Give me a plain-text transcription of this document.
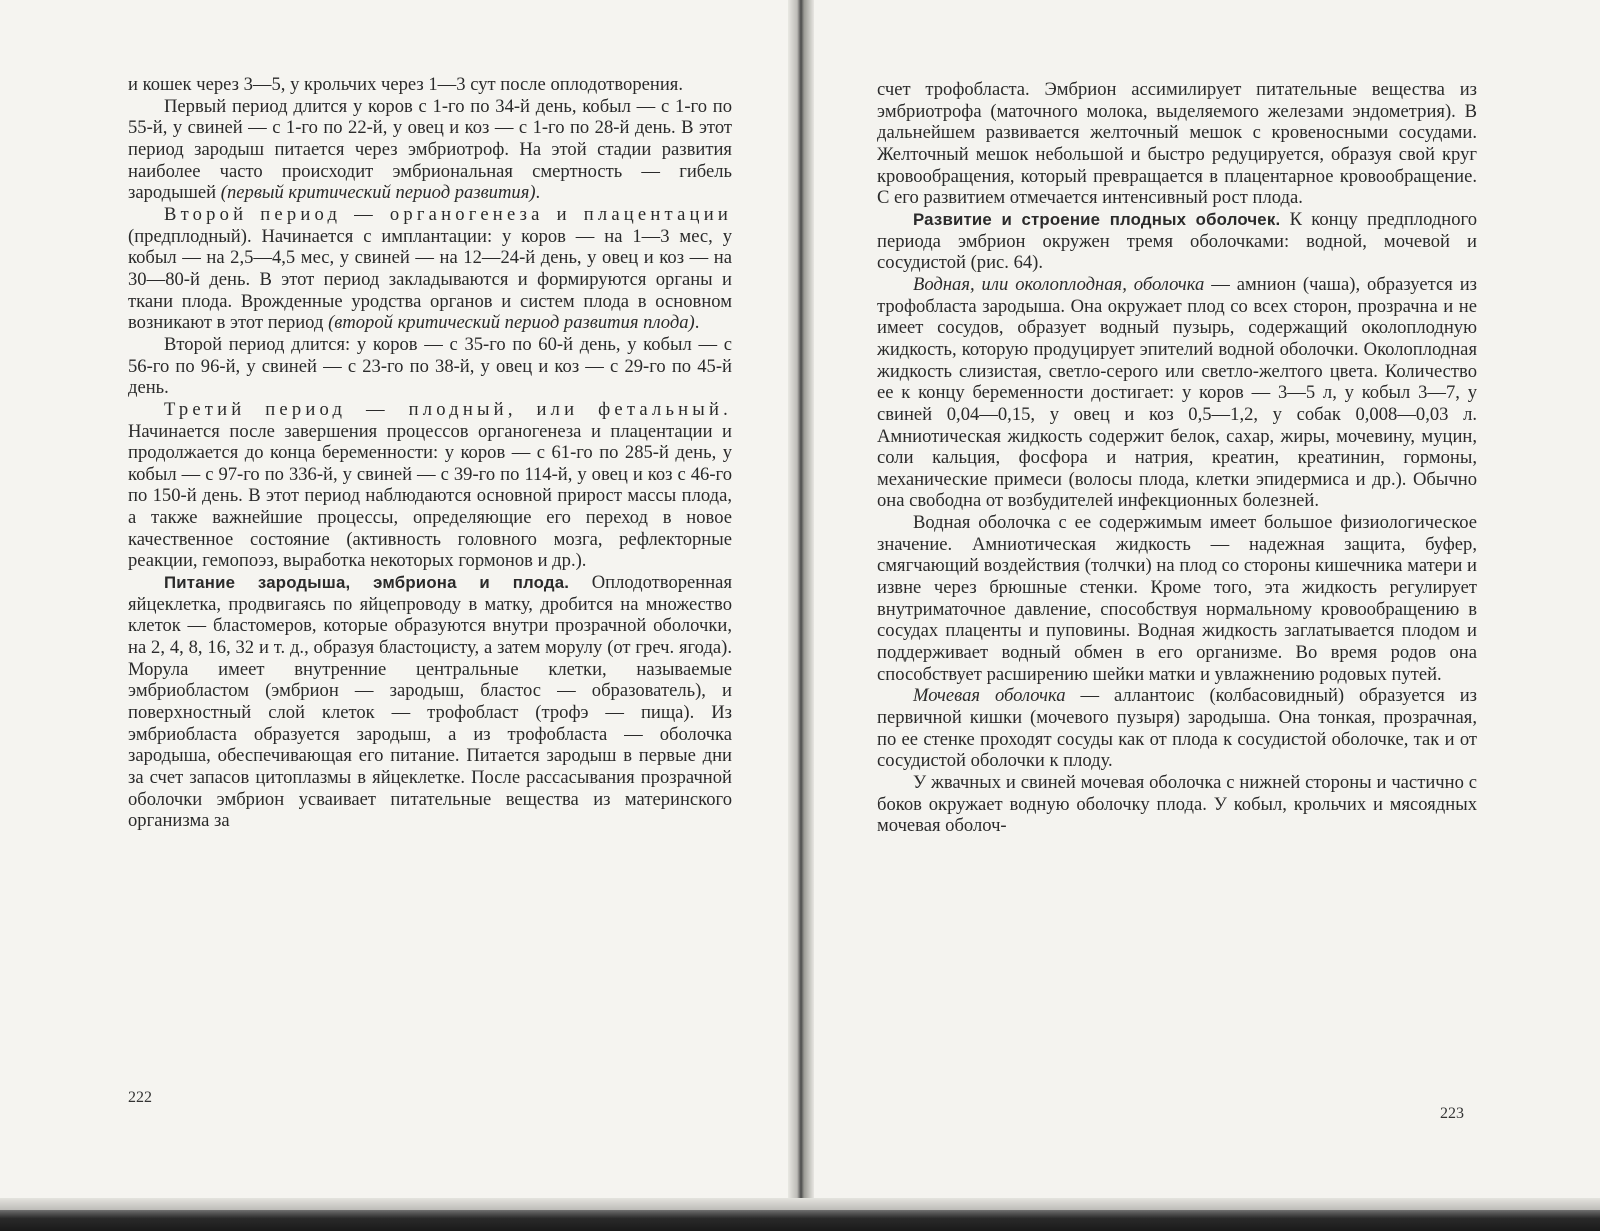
и кошек через 3—5, у крольчих через 1—3 сут после оплодотворения.

Первый период длится у коров с 1-го по 34-й день, кобыл — с 1-го по 55-й, у свиней — с 1-го по 22-й, у овец и коз — с 1-го по 28-й день. В этот период зародыш питается через эмбриотроф. На этой стадии развития наиболее часто происходит эмбриональная смертность — гибель зародышей (первый критический период развития).

Второй период — органогенеза и плацентации (предплодный). Начинается с имплантации: у коров — на 1—3 мес, у кобыл — на 2,5—4,5 мес, у свиней — на 12—24-й день, у овец и коз — на 30—80-й день. В этот период закладываются и формируются органы и ткани плода. Врожденные уродства органов и систем плода в основном возникают в этот период (второй критический период развития плода).

Второй период длится: у коров — с 35-го по 60-й день, у кобыл — с 56-го по 96-й, у свиней — с 23-го по 38-й, у овец и коз — с 29-го по 45-й день.

Третий период — плодный, или фетальный. Начинается после завершения процессов органогенеза и плацентации и продолжается до конца беременности: у коров — с 61-го по 285-й день, у кобыл — с 97-го по 336-й, у свиней — с 39-го по 114-й, у овец и коз с 46-го по 150-й день. В этот период наблюдаются основной прирост массы плода, а также важнейшие процессы, определяющие его переход в новое качественное состояние (активность головного мозга, рефлекторные реакции, гемопоэз, выработка некоторых гормонов и др.).

Питание зародыша, эмбриона и плода. Оплодотворенная яйцеклетка, продвигаясь по яйцепроводу в матку, дробится на множество клеток — бластомеров, которые образуются внутри прозрачной оболочки, на 2, 4, 8, 16, 32 и т. д., образуя бластоцисту, а затем морулу (от греч. ягода). Морула имеет внутренние центральные клетки, называемые эмбриобластом (эмбрион — зародыш, бластос — образователь), и поверхностный слой клеток — трофобласт (трофэ — пища). Из эмбриобласта образуется зародыш, а из трофобласта — оболочка зародыша, обеспечивающая его питание. Питается зародыш в первые дни за счет запасов цитоплазмы в яйцеклетке. После рассасывания прозрачной оболочки эмбрион усваивает питательные вещества из материнского организма за

222

счет трофобласта. Эмбрион ассимилирует питательные вещества из эмбриотрофа (маточного молока, выделяемого железами эндометрия). В дальнейшем развивается желточный мешок с кровеносными сосудами. Желточный мешок небольшой и быстро редуцируется, образуя свой круг кровообращения, который превращается в плацентарное кровообращение. С его развитием отмечается интенсивный рост плода.

Развитие и строение плодных оболочек. К концу предплодного периода эмбрион окружен тремя оболочками: водной, мочевой и сосудистой (рис. 64).

Водная, или околоплодная, оболочка — амнион (чаша), образуется из трофобласта зародыша. Она окружает плод со всех сторон, прозрачна и не имеет сосудов, образует водный пузырь, содержащий околоплодную жидкость, которую продуцирует эпителий водной оболочки. Околоплодная жидкость слизистая, светло-серого или светло-желтого цвета. Количество ее к концу беременности достигает: у коров — 3—5 л, у кобыл 3—7, у свиней 0,04—0,15, у овец и коз 0,5—1,2, у собак 0,008—0,03 л. Амниотическая жидкость содержит белок, сахар, жиры, мочевину, муцин, соли кальция, фосфора и натрия, креатин, креатинин, гормоны, механические примеси (волосы плода, клетки эпидермиса и др.). Обычно она свободна от возбудителей инфекционных болезней.

Водная оболочка с ее содержимым имеет большое физиологическое значение. Амниотическая жидкость — надежная защита, буфер, смягчающий воздействия (толчки) на плод со стороны кишечника матери и извне через брюшные стенки. Кроме того, эта жидкость регулирует внутриматочное давление, способствуя нормальному кровообращению в сосудах плаценты и пуповины. Водная жидкость заглатывается плодом и поддерживает водный обмен в его организме. Во время родов она способствует расширению шейки матки и увлажнению родовых путей.

Мочевая оболочка — аллантоис (колбасовидный) образуется из первичной кишки (мочевого пузыря) зародыша. Она тонкая, прозрачная, по ее стенке проходят сосуды как от плода к сосудистой оболочке, так и от сосудистой оболочки к плоду.

У жвачных и свиней мочевая оболочка с нижней стороны и частично с боков окружает водную оболочку плода. У кобыл, крольчих и мясоядных мочевая оболоч-

223
